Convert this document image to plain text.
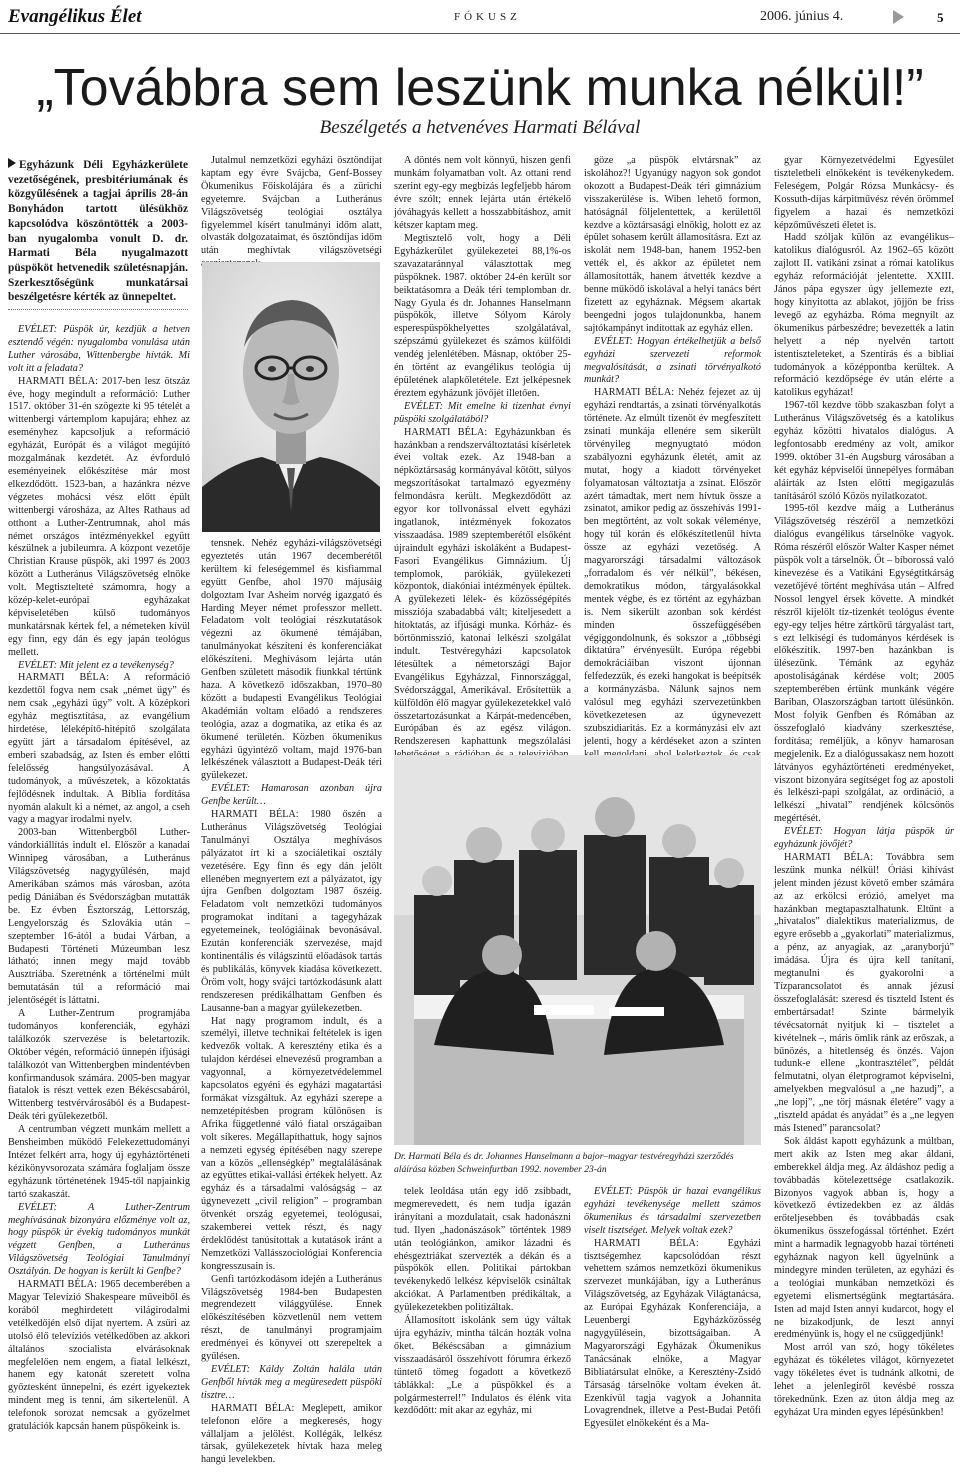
Evangélikus Élet	FÓKUSZ	2006. június 4.	5
„Továbbra sem leszünk munka nélkül!”
Beszélgetés a hetvenéves Harmati Bélával
Egyházunk Déli Egyházkerülete vezetőségének, presbitériumának és közgyűlésének a tagjai április 28-án Bonyhádon tartott ülésükhöz kapcsolódva köszöntötték a 2003-ban nyugalomba vonult D. dr. Harmati Béla nyugalmazott püspököt hetvenedik születésnapján. Szerkesztőségünk munkatársai beszélgetésre kérték az ünnepeltet.

EVÉLET: Püspök úr, kezdjük a hetven esztendő végén: nyugalomba vonulása után Luther városába, Wittenbergbe hívták. Mi volt itt a feladata?

HARMATI BÉLA: 2017-ben lesz ötszáz éve, hogy megindult a reformáció: Luther 1517. október 31-én szögezte ki 95 tételét a wittenbergi vártemplom kapujára; ehhez az eseményhez kapcsoljuk a reformáció egyházát, Európát és a világot megújító mozgalmának kezdetét. Az évforduló eseményeinek előkészítése már most elkezdődött. 1523-ban, a hazánkra nézve végzetes mohácsi vész előtt épült wittenbergi városháza, az Altes Rathaus ad otthont a Luther-Zentrumnak, ahol más német országos intézményekkel együtt készülnek a jubileumra. A központ vezetője Christian Krause püspök, aki 1997 és 2003 között a Lutheránus Világszövetség elnöke volt. Megtisztelteté számomra, hogy a közép-kelet-európai egyházakat képviseletében külső tudományos munkatársnak kértek fel, a németeken kívül egy finn, egy dán és egy japán teológus mellett.

EVÉLET: Mit jelent ez a tevékenység?

HARMATI BÉLA: A reformáció kezdettől fogva nem csak „német ügy” és nem csak „egyházi ügy” volt. A középkori egyház megtisztítása, az evangélium hirdetése, léleképítő-hitépítő szolgálata együtt járt a társadalom építésével, az emberi szabadság, az Isten és ember előtti felelősség hangsúlyozásával. A tudományok, a művészetek, a közoktatás fejlődésnek indultak. A Biblia fordítása nyomán alakult ki a német, az angol, a cseh vagy a magyar irodalmi nyelv.

2003-ban Wittenbergből Luther-vándorkiállítás indult el. Először a kanadai Winnipeg városában, a Lutheránus Világszövetség nagygyűlésén, majd Amerikában számos más városban, azóta pedig Dániában és Svédországban mutatták be. Ez évben Észtország, Lettország, Lengyelország és Szlovákia után – szeptember 16-ától a budai Várban, a Budapesti Történeti Múzeumban lesz látható; innen megy majd tovább Ausztriába. Szeretnénk a történelmi múlt bemutatásán túl a reformáció mai jelentőségét is láttatni.

A Luther-Zentrum programjába tudományos konferenciák, egyházi találkozók szervezése is beletartozik. Október végén, reformáció ünnepén ifjúsági találkozót van Wittenbergben mindentévben konfirmandusok számára. 2005-ben magyar fiatalok is részt vettek ezen Békéscsabáról, Wittenberg testvérvárosából és a Budapest-Deák téri gyülekezetből.

A centrumban végzett munkám mellett a Bensheimben működő Felekezettudományi Intézet felkért arra, hogy új egyháztörténeti kézikönyvsorozata számára foglaljam össze egyházunk történetének 1945-től napjainkig tartó szakaszát.

EVÉLET: A Luther-Zentrum meghívásának bizonyára előzménye volt az, hogy püspök úr évekig tudományos munkát végzett Genfben, a Lutheránus Világszövetség Teológiai Tanulmányi Osztályán. De hogyan is került ki Genfbe?

HARMATI BÉLA: 1965 decemberében a Magyar Televízió Shakespeare műveiből és korából meghirdetett világirodalmi vetélkedőjén első díjat nyertem. A zsűri az utolsó élő televíziós vetélkedőben az akkori általános szocialista elvárásoknak megfelelően nem engem, a fiatal lelkészt, hanem egy katonát szeretett volna győztesként ünnepelni, és ezért igyekeztek mindent meg is tenni, ám sikertelenül. A telefonok sorozat nemcsak a győzelmet gratulációk kapcsán hanem püspökeink is.

Jutalmul nemzetközi egyházi ösztöndíjat kaptam egy évre Svájcba, Genf-Bossey Ökumenikus Főiskolájára és a zürichi egyetemre. Svájcban a Lutheránus Világszövetség teológiai osztálya figyelemmel kísért tanulmányi időm alatt, olvasták dolgozataimat, és ösztöndíjas időm után meghívtak világszövetségi

tensnek. Nehéz egyházi-világszövetségi egyeztetés után 1967 decemberétől kerültem ki feleségemmel és kisfiammal együtt Genfbe, ahol 1970 májusáig dolgoztam Ivar Asheim norvég igazgató és Harding Meyer német professzor mellett. Feladatom volt teológiai részkutatások végezni az ökumené témájában, tanulmányokat készíteni és konferenciákat előkészíteni. Meghívásom lejárta után Genfben született második fiunkkal tértünk haza. A következő időszakban, 1970–80 között a budapesti Evangélikus Teológiai Akadémián voltam előadó a rendszeres teológia, azaz a dogmatika, az etika és az ökumené területén. Közben ökumenikus egyházi ügyintéző voltam, majd 1976-ban lelkészének választott a Budapest-Deák téri gyülekezet.

EVÉLET: Hamarosan azonban újra Genfbe került…

HARMATI BÉLA: 1980 őszén a Lutheránus Világszövetség Teológiai Tanulmányi Osztálya meghívásos pályázatot írt ki a szociáletikai osztály vezetésére. Egy finn és egy dán jelölt ellenében megnyertem ezt a pályázatot, így újra Genfben dolgoztam 1987 őszéig. Feladatom volt nemzetközi tudományos programokat indítani a tagegyházak egyetemeinek, teológiáinak bevonásával. Ezután konferenciák szervezése, majd kontinentális és világszintű előadások tartás és publikálás, könyvek kiadása következett. Öröm volt, hogy svájci tartózkodásunk alatt rendszeresen prédikálhattam Genfben és Lausanne-ban a magyar gyülekezetben.

Hat nagy programom indult, és a személyi, illetve technikai feltételek is igen kedvezők voltak. A keresztény etika és a tulajdon kérdései elnevezésű programban a vagyonnal, a környezetvédelemmel kapcsolatos egyéni és egyházi magatartási formákat vizsgáltuk. Az egyházi szerepe a nemzetépítésben program különösen is Afrika függetlenné váló fiatal országaiban volt sikeres. Megállapíthattuk, hogy sajnos a nemzeti egység építésében nagy szerepe van a közös „ellenségkép” megtalálásának az együttes etikai-vallási értékek helyett. Az egyház és a társadalmi valóságság – az úgynevezett „civil religion” – programban ötvenkét ország egyetemei, teológusai, szakemberei vettek részt, és nagy érdeklődést tanúsítottak a kutatások iránt a Nemzetközi Vallásszociológiai Konferencia kongresszusain is.

Genfi tartózkodásom idején a Lutheránus Világszövetség 1984-ben Budapesten megrendezett világgyűlése. Ennek előkészítésében közvetlenül nem vettem részt, de tanulmányi programjaim eredményei és könyvei ott szerepeltek a gyűlésen.

EVÉLET: Káldy Zoltán halála után Genfből hívták meg a megüresedett püspöki tisztre…

HARMATI BÉLA: Meglepett, amikor telefonon előre a megkeresés, hogy vállaljam a jelölést. Kollégák, lelkész társak, gyülekezetek hívtak haza meleg hangú levelekben.

A döntés nem volt könnyű, hiszen genfi munkám folyamatban volt. Az ottani rend szerint egy-egy megbízás legfeljebb három évre szólt; ennek lejárta után értékelő jóváhagyás kellett a hosszabbításhoz, amit kétszer kaptam meg.

Megtisztelő volt, hogy a Déli Egyházkerület gyülekezetei 88,1%-os szavazataránnyal választottak meg püspöknek. 1987. október 24-én került sor beiktatásomra a Deák téri templomban dr. Nagy Gyula és dr. Johannes Hanselmann püspökök, illetve Sólyom Károly esperespüspökhelyettes szolgálatával, szépszámú gyülekezet és számos külföldi vendég jelenlétében. Másnap, október 25-én történt az evangélikus teológia új épületének alapkőletétele. Ezt jelképesnek éreztem egyházunk jövőjét illetően.

EVÉLET: Mit emelne ki tizenhat évnyi püspöki szolgálatából?

HARMATI BÉLA: Egyházunkban és hazánkban a rendszerváltoztatási kísérletek évei voltak ezek. Az 1948-ban a népköztársaság kormányával kötött, súlyos megszorításokat tartalmazó egyezmény felmondásra került. Megkezdődött az egyor kor tollvonással elvett egyházi ingatlanok, intézmények fokozatos visszaadása. 1989 szeptemberétől elsőként újraindult egyházi iskoláként a Budapest-Fasori Evangélikus Gimnázium. Új templomok, parókiák, gyülekezeti központok, diakóniai intézmények épültek. A gyülekezeti lélek- és közösségépítés missziója szabadabbá vált; kiteljesedett a hitoktatás, az ifjúsági munka. Kórház- és börtönmisszió, katonai lelkészi szolgálat indult. Testvéregyházi kapcsolatok létesültek a németországi Bajor Evangélikus Egyházzal, Finnországgal, Svédországgal, Amerikával. Erősítettük a külföldön élő magyar gyülekezetekkel való összetartozásunkat a Kárpát-medencében, Európában és az egész világon. Rendszeresen kaphattunk megszólalási

göze „a püspök elvtársnak” az iskolához?! Ugyanúgy nagyon sok gondot okozott a Budapest-Deák téri gimnázium visszakerülése is. Wiben lehető formon, hatóságnál följelentettek, a kerülettől kezdve a köztársasági elnökig, holott ez az épület sohasem került államosításra. Ezt az iskolát nem 1948-ban, hanem 1952-ben vették el, és akkor az épületet nem államosították, hanem átvették kezdve a benne működő iskolával a helyi tanács bért fizetett az egyháznak. Mégsem akartak beengedni jogos tulajdonunkba, hanem sajtókampányt indítottak az egyház ellen.

EVÉLET: Hogyan értékelhetjük a belső egyházi szervezeti reformok megvalósítását, a zsinati törvényalkotó munkát?

HARMATI BÉLA: Nehéz fejezet az új egyházi rendtartás, a zsinati törvényalkotás története. Az elmúlt tizenöt év megfeszített zsinati munkája ellenére sem sikerült törvényileg megnyugtató módon szabályozni egyházunk életét, amit az mutat, hogy a kiadott törvényeket folyamatosan változtatja a zsinat. Először azért támadtak, mert nem hívtuk össze a zsinatot, amikor pedig az összehívás 1991-ben megtörtént, az volt sokak véleménye, hogy túl korán és előkészítetlenül hívta össze az egyházi vezetőség. A magyarországi társadalmi változások „forradalom és vér nélkül”, békésen, demokratikus módon, tárgyalásokkal mentek végbe, és ez történt az egyházban is. Nem sikerült azonban sok kérdést minden összefüggésében végiggondolnunk, és sokszor a „többségi diktatúra” érvényesült. Európa régebbi demokráciáiban viszont újonnan felfedezzük, és ezeki hangokat is beépítsék a kormányzásba. Nálunk sajnos nem valósul meg egyházi szervezetünkben következetesen az úgynevezett szubszidiaritás. Ez a kormányzási elv azt jelenti, hogy a kérdéseket azon a szinten

Dr. Harmati Béla és dr. Johannes Hanselmann a bajor–magyar testvéregyházi szerződés aláírása közben Schweinfurtban 1992. november 23-án

telek leoldása után egy idő zsibbadt, megmerevedett, és nem tudja ígazán irányítani a mozdulatait, csak hadonászni tud. Ilyen „hadonászások” történtek 1989 után teológiánkon, amikor lázadni és ehésgeztriákat szervezték a dékán és a püspökök ellen. Politikai pártokban tevékenykedő lelkész képviselők csináltak akciókat. A Parlamentben prédikáltak, a gyülekezetekben politizáltak.

Államosított iskolánk sem úgy váltak újra egyháziv, mintha tálcán hozták volna őket. Békéscsában a gimnázium visszaadásáról összehívott fórumra érkező tüntető tömeg fogadott a következő táblákkal: „Le a püspökkel és a polgármesterrel!” Indulatos és élénk vita kezdődött: mit akar az egyház, mi

EVÉLET: Püspök úr hazai evangélikus egyházi tevékenysége mellett számos ökumenikus és társadalmi szervezetben viselt tisztséget. Melyek voltak ezek?

HARMATI BÉLA: Egyházi tisztségemhez kapcsolódóan részt vehettem számos nemzetközi ökumenikus szervezet munkájában, így a Lutheránus Világszövetség, az Egyházak Világtanácsa, az Európai Egyházak Konferenciája, a Leuenbergi Egyházközösség nagygyűlésein, bizottságaiban. A Magyarországi Egyházak Ökumenikus Tanácsának elnöke, a Magyar Bibliatársulat elnöke, a Keresztény-Zsidó Társaság társelnöke voltam éveken át. Ezenkívül tagja vagyok a Johannita Lovagrendnek, illetve a Pest-Budai Petőfi Egyesület elnökeként és a Ma-

gyar Környezetvédelmi Egyesület tiszteletbeli elnökeként is tevékenykedem. Feleségem, Polgár Rózsa Munkácsy- és Kossuth-díjas kárpitművész révén örömmel figyelem a hazai és nemzetközi képzőművészeti életet is.

Hadd szóljak külön az evangélikus–katolikus dialógusról. Az 1962–65 között zajlott II. vatikáni zsinat a római katolikus egyház reformációját jelentette. XXIII. János pápa egyszer úgy jellemezte ezt, hogy kinyitotta az ablakot, jöjjön be friss levegő az egyházba. Róma megnyílt az ökumenikus párbeszédre; bevezették a latin helyett a nép nyelvén tartott istentiszteleteket, a Szentírás és a bibliai tudományok a középpontba kerültek. A reformáció kezdőpsége év után elérte a katolikus egyházat!

1967-től kezdve több szakaszban folyt a Lutheránus Világszövetség és a katolikus egyház közötti hivatalos dialógus. A legfontosabb eredmény az volt, amikor 1999. október 31-én Augsburg városában a két egyház képviselői ünnepélyes formában aláírták az Isten előtti megigazulás tanításáról szóló Közös nyilatkozatot.

1995-től kezdve máig a Lutheránus Világszövetség részéről a nemzetközi dialógus evangélikus társelnöke vagyok. Róma részéről először Walter Kasper német püspök volt a társelnök. Őt – bíborossá való kinevezése és a Vatikáni Egységtitkárság vezetőjévé történt meghívása után – Alfred Nossol lengyel érsek követte. A mindkét részről kijelölt tíz-tizenkét teológus évente egy-egy teljes hétre zártkörű tárgyalást tart, s ezt lelkiségi és tudományos kérdések is előkészítik. 1997-ben hazánkban is ülésezünk. Témánk az egyház apostoliságának kérdése volt; 2005 szeptemberében értünk munkánk végére Bariban, Olaszországban tartott ülésünkön. Most folyik Genfben és Rómában az összefoglaló kiadvány szerkesztése, fordítása; reméljük, a könyv hamarosan megjelenik. Ez a dialógussakasz nem hozott látványos egyháztörténeti eredményeket, viszont bizonyára segítséget fog az apostoli és lelkészi-papi szolgálat, az ordináció, a lelkészi „hivatal” rendjének kölcsönös megértését.

EVÉLET: Hogyan látja püspök úr egyházunk jövőjét?

HARMATI BÉLA: Továbbra sem leszünk munka nélkül! Óriási kihívást jelent minden jézust követő ember számára az az erkölcsi erózió, amelyet ma hazánkban megtapasztalhatunk. Eltűnt a „hivatalos” dialektikus materializmus, de egyre erősebb a „gyakorlati” materializmus, a pénz, az anyagiak, az „aranyborjú” imádása. Újra és újra kell tanítani, megtanulni és gyakorolni a Tízparancsolatot és annak jézusi összefoglalását: szeresd és tiszteld Istent és embertársadat! Szinte bármelyik tévécsatornát nyitjuk ki – tisztelet a kivételnek –, máris ömlik ránk az erőszak, a bűnözés, a hitetlenség és önzés. Vajon tudunk-e ellene „kontrasztélet”, példát felmutatni, olyan életprogramot képviselni, amelyekben megvalósul a „ne hazudj”, a „ne lopj”, „ne törj másnak életére” vagy a „tiszteld apádat és anyádat” és a „ne legyen más Istened” parancsolat?

Sok áldást kapott egyházunk a múltban, mert akik az Isten meg akar áldani, emberekkel áldja meg. Az áldáshoz pedig a továbbadás kötelezettsége csatlakozik. Bizonyos vagyok abban is, hogy a következő évtizedekben ez az áldás erőteljesebben és továbbadás csak ökumenikus összefogással történhet. Ezért mint a harmadik legnagyobb hazai történeti egyháznak nagyon kell ügyelnünk a mindegyre minden területen, az egyházi és a teológiai munkában nemzetközi és egyetemi elismertségünk megtartására. Isten ad majd Isten annyi kudarcot, hogy el ne bizakodjunk, de leszt annyi eredményünk is, hogy el ne csüggedjünk!

Most arról van szó, hogy tökéletes egyházat és tökéletes világot, környezetet vagy tökéletes évet is tudnánk alkotni, de lehet a jelenlegiről kevésbé rossza törekednünk. Ezen az úton áldja meg az egyházat Ura minden egyes lépésünkben!
